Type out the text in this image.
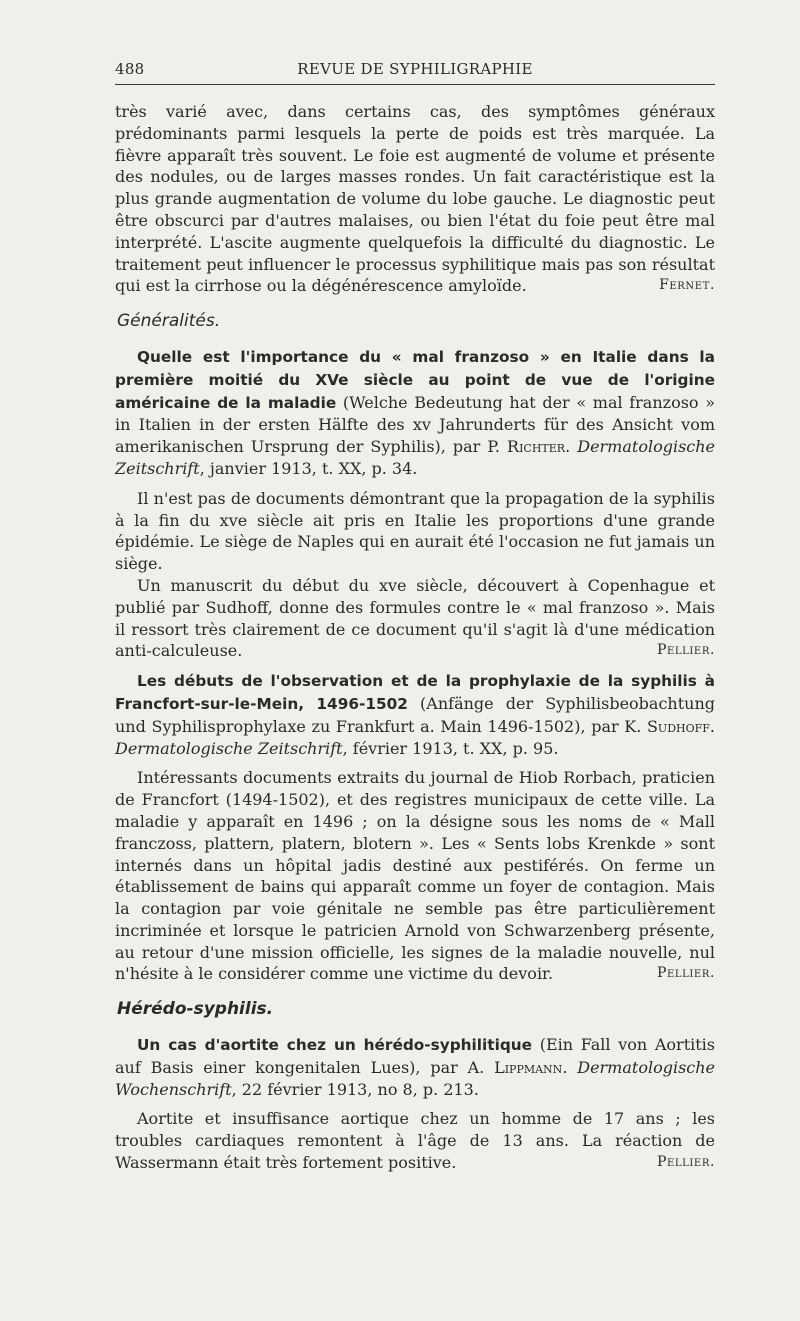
488	REVUE DE SYPHILIGRAPHIE

très varié avec, dans certains cas, des symptômes généraux prédominants parmi lesquels la perte de poids est très marquée. La fièvre apparaît très souvent. Le foie est augmenté de volume et présente des nodules, ou de larges masses rondes. Un fait caractéristique est la plus grande augmentation de volume du lobe gauche. Le diagnostic peut être obscurci par d'autres malaises, ou bien l'état du foie peut être mal interprété. L'ascite augmente quelquefois la difficulté du diagnostic. Le traitement peut influencer le processus syphilitique mais pas son résultat qui est la cirrhose ou la dégénérescence amyloïde.	Fernet.

Généralités.

Quelle est l'importance du « mal franzoso » en Italie dans la première moitié du XVe siècle au point de vue de l'origine américaine de la maladie (Welche Bedeutung hat der « mal franzoso » in Italien in der ersten Hälfte des xv Jahrunderts für des Ansicht vom amerikanischen Ursprung der Syphilis), par P. Richter. Dermatologische Zeitschrift, janvier 1913, t. XX, p. 34.

Il n'est pas de documents démontrant que la propagation de la syphilis à la fin du xve siècle ait pris en Italie les proportions d'une grande épidémie. Le siège de Naples qui en aurait été l'occasion ne fut jamais un siège.

Un manuscrit du début du xve siècle, découvert à Copenhague et publié par Sudhoff, donne des formules contre le « mal franzoso ». Mais il ressort très clairement de ce document qu'il s'agit là d'une médication anti-calculeuse.	Pellier.

Les débuts de l'observation et de la prophylaxie de la syphilis à Francfort-sur-le-Mein, 1496-1502 (Anfänge der Syphilisbeobachtung und Syphilisprophylaxe zu Frankfurt a. Main 1496-1502), par K. Sudhoff. Dermatologische Zeitschrift, février 1913, t. XX, p. 95.

Intéressants documents extraits du journal de Hiob Rorbach, praticien de Francfort (1494-1502), et des registres municipaux de cette ville. La maladie y apparaît en 1496 ; on la désigne sous les noms de « Mall franczoss, plattern, platern, blotern ». Les « Sents lobs Krenkde » sont internés dans un hôpital jadis destiné aux pestiférés. On ferme un établissement de bains qui apparaît comme un foyer de contagion. Mais la contagion par voie génitale ne semble pas être particulièrement incriminée et lorsque le patricien Arnold von Schwarzenberg présente, au retour d'une mission officielle, les signes de la maladie nouvelle, nul n'hésite à le considérer comme une victime du devoir.	Pellier.

Hérédo-syphilis.

Un cas d'aortite chez un hérédo-syphilitique (Ein Fall von Aortitis auf Basis einer kongenitalen Lues), par A. Lippmann. Dermatologische Wochenschrift, 22 février 1913, no 8, p. 213.

Aortite et insuffisance aortique chez un homme de 17 ans ; les troubles cardiaques remontent à l'âge de 13 ans. La réaction de Wassermann était très fortement positive.	Pellier.
